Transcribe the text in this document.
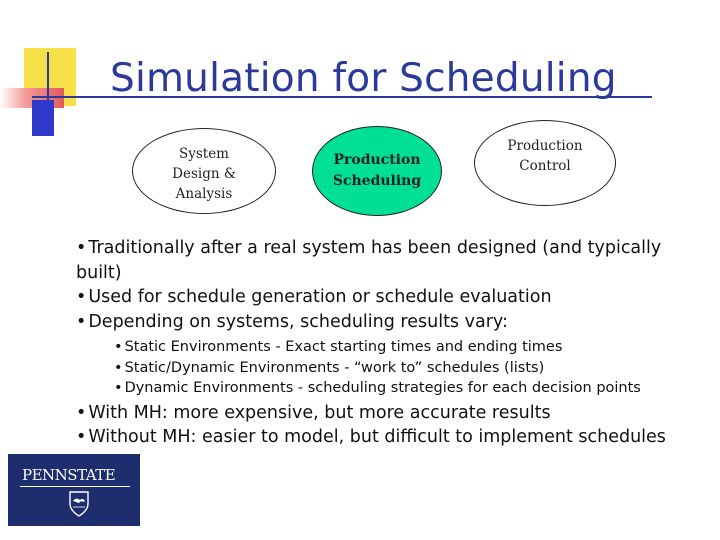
Simulation for Scheduling
System
Design &
Analysis
Production
Scheduling
Production
Control

• Traditionally after a real system has been designed (and typically built)

• Used for schedule generation or schedule evaluation

• Depending on systems, scheduling results vary:

• Static Environments - Exact starting times and ending times

• Static/Dynamic Environments - “work to” schedules (lists)

• Dynamic Environments - scheduling strategies for each decision points

• With MH: more expensive, but more accurate results

• Without MH: easier to model, but difficult to implement schedules

PENNSTATE
